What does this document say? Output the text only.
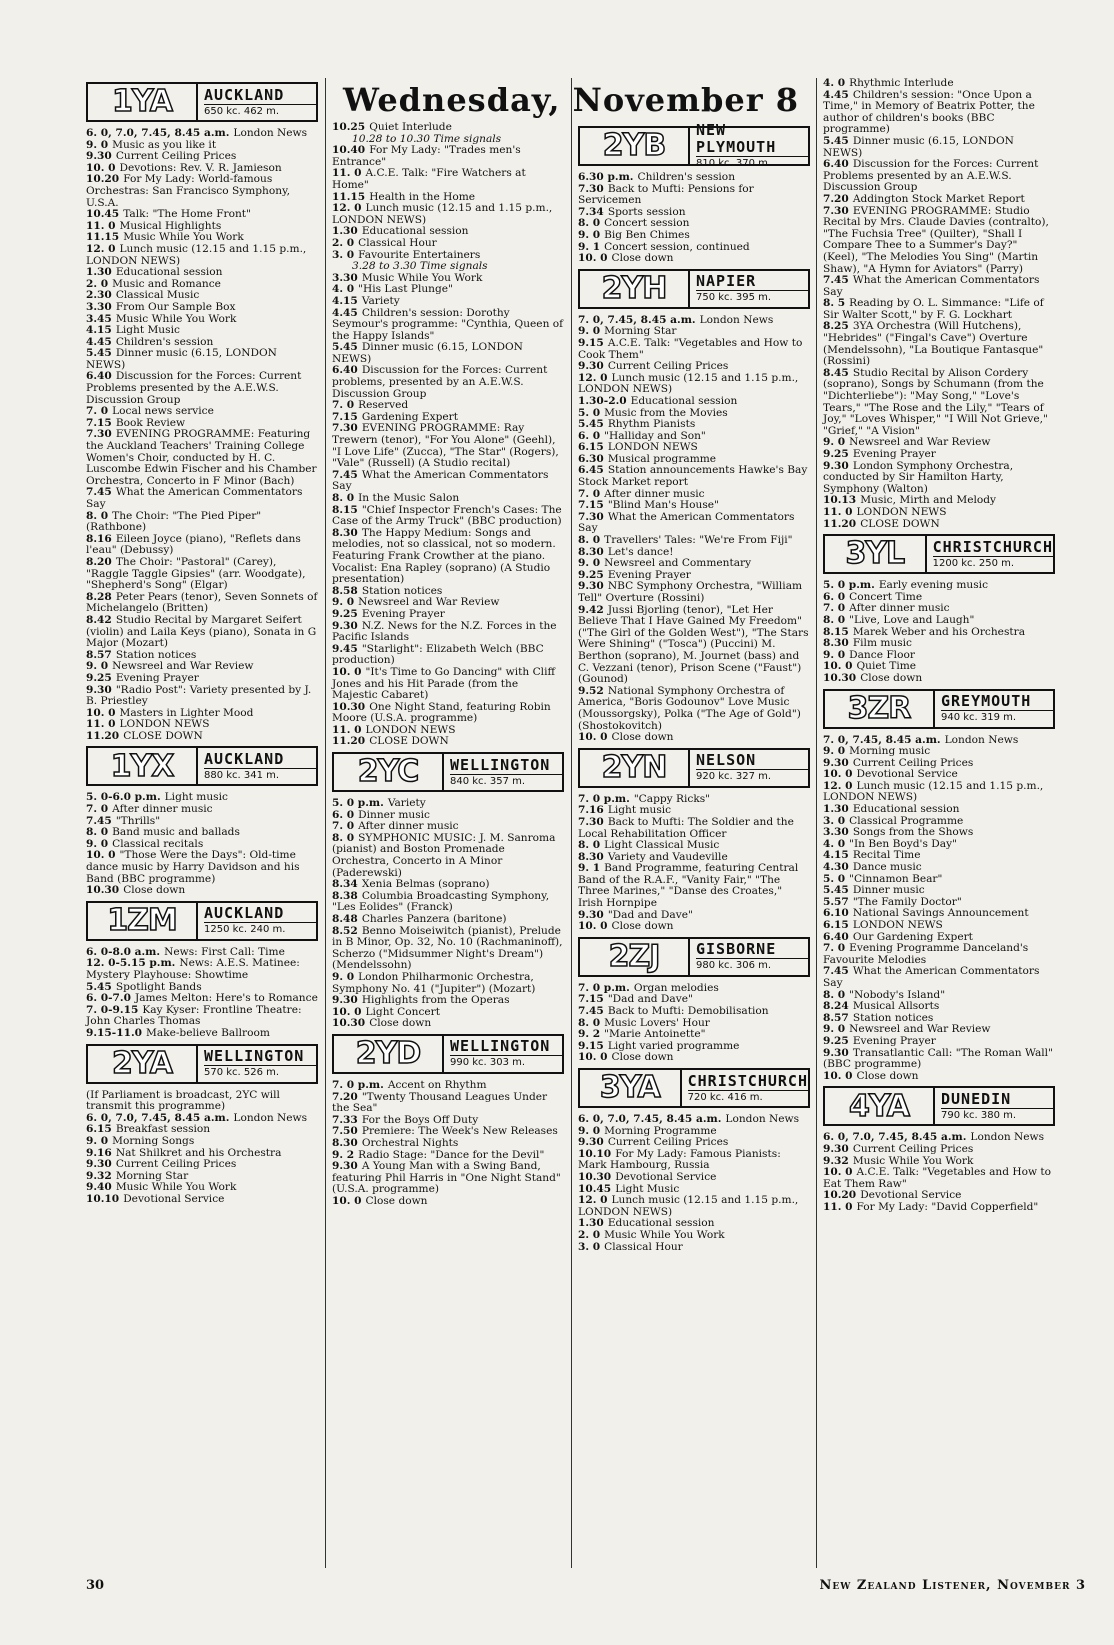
Wednesday, November 8
1YA	AUCKLAND
650 kc. 462 m.
6. 0, 7.0, 7.45, 8.45 a.m. London News
9. 0 Music as you like it
9.30 Current Ceiling Prices
10. 0 Devotions: Rev. V. R. Jamieson
10.20 For My Lady: World-famous Orchestras: San Francisco Symphony, U.S.A.
10.45 Talk: "The Home Front"
11. 0 Musical Highlights
11.15 Music While You Work
12. 0 Lunch music (12.15 and 1.15 p.m., LONDON NEWS)
1.30 Educational session
2. 0 Music and Romance
2.30 Classical Music
3.30 From Our Sample Box
3.45 Music While You Work
4.15 Light Music
4.45 Children's session
5.45 Dinner music (6.15, LONDON NEWS)
6.40 Discussion for the Forces: Current Problems presented by the A.E.W.S. Discussion Group
7. 0 Local news service
7.15 Book Review
7.30 EVENING PROGRAMME: Featuring the Auckland Teachers' Training College Women's Choir, conducted by H. C. Luscombe Edwin Fischer and his Chamber Orchestra, Concerto in F Minor (Bach)
7.45 What the American Commentators Say
8. 0 The Choir: "The Pied Piper" (Rathbone)
8.16 Eileen Joyce (piano), "Reflets dans l'eau" (Debussy)
8.20 The Choir: "Pastoral" (Carey), "Raggle Taggle Gipsies" (arr. Woodgate), "Shepherd's Song" (Elgar)
8.28 Peter Pears (tenor), Seven Sonnets of Michelangelo (Britten)
8.42 Studio Recital by Margaret Seifert (violin) and Laila Keys (piano), Sonata in G Major (Mozart)
8.57 Station notices
9. 0 Newsreel and War Review
9.25 Evening Prayer
9.30 "Radio Post": Variety presented by J. B. Priestley
10. 0 Masters in Lighter Mood
11. 0 LONDON NEWS
11.20 CLOSE DOWN
1YX	AUCKLAND
880 kc. 341 m.
5. 0-6.0 p.m. Light music
7. 0 After dinner music
7.45 "Thrills"
8. 0 Band music and ballads
9. 0 Classical recitals
10. 0 "Those Were the Days": Old-time dance music by Harry Davidson and his Band (BBC programme)
10.30 Close down
1ZM	AUCKLAND
1250 kc. 240 m.
6. 0-8.0 a.m. News: First Call: Time
12. 0-5.15 p.m. News: A.E.S. Matinee: Mystery Playhouse: Showtime
5.45 Spotlight Bands
6. 0-7.0 James Melton: Here's to Romance
7. 0-9.15 Kay Kyser: Frontline Theatre: John Charles Thomas
9.15-11.0 Make-believe Ballroom
2YA	WELLINGTON
570 kc. 526 m.
(If Parliament is broadcast, 2YC will transmit this programme)
6. 0, 7.0, 7.45, 8.45 a.m. London News
6.15 Breakfast session
9. 0 Morning Songs
9.16 Nat Shilkret and his Orchestra
9.30 Current Ceiling Prices
9.32 Morning Star
9.40 Music While You Work
10.10 Devotional Service
10.25 Quiet Interlude
10.28 to 10.30 Time signals
10.40 For My Lady: "Trades men's Entrance"
11. 0 A.C.E. Talk: "Fire Watchers at Home"
11.15 Health in the Home
12. 0 Lunch music (12.15 and 1.15 p.m., LONDON NEWS)
1.30 Educational session
2. 0 Classical Hour
3. 0 Favourite Entertainers
3.28 to 3.30 Time signals
3.30 Music While You Work
4. 0 "His Last Plunge"
4.15 Variety
4.45 Children's session: Dorothy Seymour's programme: "Cynthia, Queen of the Happy Islands"
5.45 Dinner music (6.15, LONDON NEWS)
6.40 Discussion for the Forces: Current problems, presented by an A.E.W.S. Discussion Group
7. 0 Reserved
7.15 Gardening Expert
7.30 EVENING PROGRAMME: Ray Trewern (tenor), "For You Alone" (Geehl), "I Love Life" (Zucca), "The Star" (Rogers), "Vale" (Russell) (A Studio recital)
7.45 What the American Commentators Say
8. 0 In the Music Salon
8.15 "Chief Inspector French's Cases: The Case of the Army Truck" (BBC production)
8.30 The Happy Medium: Songs and melodies, not so classical, not so modern. Featuring Frank Crowther at the piano. Vocalist: Ena Rapley (soprano) (A Studio presentation)
8.58 Station notices
9. 0 Newsreel and War Review
9.25 Evening Prayer
9.30 N.Z. News for the N.Z. Forces in the Pacific Islands
9.45 "Starlight": Elizabeth Welch (BBC production)
10. 0 "It's Time to Go Dancing" with Cliff Jones and his Hit Parade (from the Majestic Cabaret)
10.30 One Night Stand, featuring Robin Moore (U.S.A. programme)
11. 0 LONDON NEWS
11.20 CLOSE DOWN
2YC	WELLINGTON
840 kc. 357 m.
5. 0 p.m. Variety
6. 0 Dinner music
7. 0 After dinner music
8. 0 SYMPHONIC MUSIC: J. M. Sanroma (pianist) and Boston Promenade Orchestra, Concerto in A Minor (Paderewski)
8.34 Xenia Belmas (soprano)
8.38 Columbia Broadcasting Symphony, "Les Eolides" (Franck)
8.48 Charles Panzera (baritone)
8.52 Benno Moiseiwitch (pianist), Prelude in B Minor, Op. 32, No. 10 (Rachmaninoff), Scherzo ("Midsummer Night's Dream") (Mendelssohn)
9. 0 London Philharmonic Orchestra, Symphony No. 41 ("Jupiter") (Mozart)
9.30 Highlights from the Operas
10. 0 Light Concert
10.30 Close down
2YD	WELLINGTON
990 kc. 303 m.
7. 0 p.m. Accent on Rhythm
7.20 "Twenty Thousand Leagues Under the Sea"
7.33 For the Boys Off Duty
7.50 Premiere: The Week's New Releases
8.30 Orchestral Nights
9. 2 Radio Stage: "Dance for the Devil"
9.30 A Young Man with a Swing Band, featuring Phil Harris in "One Night Stand" (U.S.A. programme)
10. 0 Close down
2YB	NEW PLYMOUTH
810 kc. 370 m.
6.30 p.m. Children's session
7.30 Back to Mufti: Pensions for Servicemen
7.34 Sports session
8. 0 Concert session
9. 0 Big Ben Chimes
9. 1 Concert session, continued
10. 0 Close down
2YH	NAPIER
750 kc. 395 m.
7. 0, 7.45, 8.45 a.m. London News
9. 0 Morning Star
9.15 A.C.E. Talk: "Vegetables and How to Cook Them"
9.30 Current Ceiling Prices
12. 0 Lunch music (12.15 and 1.15 p.m., LONDON NEWS)
1.30-2.0 Educational session
5. 0 Music from the Movies
5.45 Rhythm Pianists
6. 0 "Halliday and Son"
6.15 LONDON NEWS
6.30 Musical programme
6.45 Station announcements Hawke's Bay Stock Market report
7. 0 After dinner music
7.15 "Blind Man's House"
7.30 What the American Commentators Say
8. 0 Travellers' Tales: "We're From Fiji"
8.30 Let's dance!
9. 0 Newsreel and Commentary
9.25 Evening Prayer
9.30 NBC Symphony Orchestra, "William Tell" Overture (Rossini)
9.42 Jussi Bjorling (tenor), "Let Her Believe That I Have Gained My Freedom" ("The Girl of the Golden West"), "The Stars Were Shining" ("Tosca") (Puccini) M. Berthon (soprano), M. Journet (bass) and C. Vezzani (tenor), Prison Scene ("Faust") (Gounod)
9.52 National Symphony Orchestra of America, "Boris Godounov" Love Music (Moussorgsky), Polka ("The Age of Gold") (Shostokovitch)
10. 0 Close down
2YN	NELSON
920 kc. 327 m.
7. 0 p.m. "Cappy Ricks"
7.16 Light music
7.30 Back to Mufti: The Soldier and the Local Rehabilitation Officer
8. 0 Light Classical Music
8.30 Variety and Vaudeville
9. 1 Band Programme, featuring Central Band of the R.A.F., "Vanity Fair," "The Three Marines," "Danse des Croates," Irish Hornpipe
9.30 "Dad and Dave"
10. 0 Close down
2ZJ	GISBORNE
980 kc. 306 m.
7. 0 p.m. Organ melodies
7.15 "Dad and Dave"
7.45 Back to Mufti: Demobilisation
8. 0 Music Lovers' Hour
9. 2 "Marie Antoinette"
9.15 Light varied programme
10. 0 Close down
3YA	CHRISTCHURCH
720 kc. 416 m.
6. 0, 7.0, 7.45, 8.45 a.m. London News
9. 0 Morning Programme
9.30 Current Ceiling Prices
10.10 For My Lady: Famous Pianists: Mark Hambourg, Russia
10.30 Devotional Service
10.45 Light Music
12. 0 Lunch music (12.15 and 1.15 p.m., LONDON NEWS)
1.30 Educational session
2. 0 Music While You Work
3. 0 Classical Hour
4. 0 Rhythmic Interlude
4.45 Children's session: "Once Upon a Time," in Memory of Beatrix Potter, the author of children's books (BBC programme)
5.45 Dinner music (6.15, LONDON NEWS)
6.40 Discussion for the Forces: Current Problems presented by an A.E.W.S. Discussion Group
7.20 Addington Stock Market Report
7.30 EVENING PROGRAMME: Studio Recital by Mrs. Claude Davies (contralto), "The Fuchsia Tree" (Quilter), "Shall I Compare Thee to a Summer's Day?" (Keel), "The Melodies You Sing" (Martin Shaw), "A Hymn for Aviators" (Parry)
7.45 What the American Commentators Say
8. 5 Reading by O. L. Simmance: "Life of Sir Walter Scott," by F. G. Lockhart
8.25 3YA Orchestra (Will Hutchens), "Hebrides" ("Fingal's Cave") Overture (Mendelssohn), "La Boutique Fantasque" (Rossini)
8.45 Studio Recital by Alison Cordery (soprano), Songs by Schumann (from the "Dichterliebe"): "May Song," "Love's Tears," "The Rose and the Lily," "Tears of Joy," "Loves Whisper," "I Will Not Grieve," "Grief," "A Vision"
9. 0 Newsreel and War Review
9.25 Evening Prayer
9.30 London Symphony Orchestra, conducted by Sir Hamilton Harty, Symphony (Walton)
10.13 Music, Mirth and Melody
11. 0 LONDON NEWS
11.20 CLOSE DOWN
3YL	CHRISTCHURCH
1200 kc. 250 m.
5. 0 p.m. Early evening music
6. 0 Concert Time
7. 0 After dinner music
8. 0 "Live, Love and Laugh"
8.15 Marek Weber and his Orchestra
8.30 Film music
9. 0 Dance Floor
10. 0 Quiet Time
10.30 Close down
3ZR	GREYMOUTH
940 kc. 319 m.
7. 0, 7.45, 8.45 a.m. London News
9. 0 Morning music
9.30 Current Ceiling Prices
10. 0 Devotional Service
12. 0 Lunch music (12.15 and 1.15 p.m., LONDON NEWS)
1.30 Educational session
3. 0 Classical Programme
3.30 Songs from the Shows
4. 0 "In Ben Boyd's Day"
4.15 Recital Time
4.30 Dance music
5. 0 "Cinnamon Bear"
5.45 Dinner music
5.57 "The Family Doctor"
6.10 National Savings Announcement
6.15 LONDON NEWS
6.40 Our Gardening Expert
7. 0 Evening Programme Danceland's Favourite Melodies
7.45 What the American Commentators Say
8. 0 "Nobody's Island"
8.24 Musical Allsorts
8.57 Station notices
9. 0 Newsreel and War Review
9.25 Evening Prayer
9.30 Transatlantic Call: "The Roman Wall" (BBC programme)
10. 0 Close down
4YA	DUNEDIN
790 kc. 380 m.
6. 0, 7.0, 7.45, 8.45 a.m. London News
9.30 Current Ceiling Prices
9.32 Music While You Work
10. 0 A.C.E. Talk: "Vegetables and How to Eat Them Raw"
10.20 Devotional Service
11. 0 For My Lady: "David Copperfield"
30	New Zealand Listener, November 3
